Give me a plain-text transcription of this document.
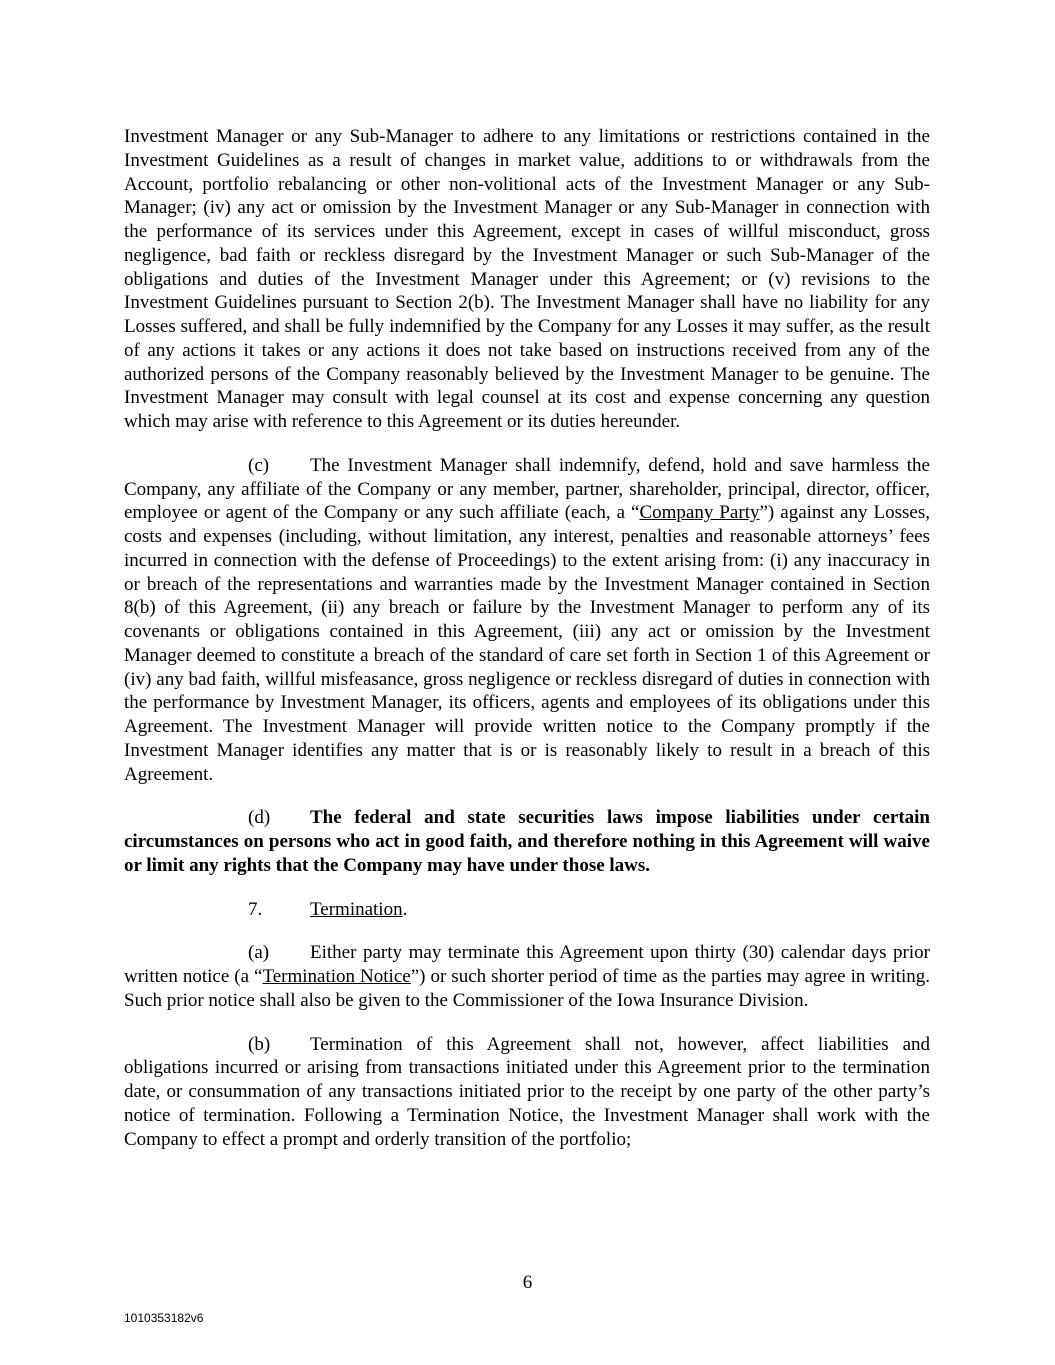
Investment Manager or any Sub-Manager to adhere to any limitations or restrictions contained in the Investment Guidelines as a result of changes in market value, additions to or withdrawals from the Account, portfolio rebalancing or other non-volitional acts of the Investment Manager or any Sub-Manager; (iv) any act or omission by the Investment Manager or any Sub-Manager in connection with the performance of its services under this Agreement, except in cases of willful misconduct, gross negligence, bad faith or reckless disregard by the Investment Manager or such Sub-Manager of the obligations and duties of the Investment Manager under this Agreement; or (v) revisions to the Investment Guidelines pursuant to Section 2(b). The Investment Manager shall have no liability for any Losses suffered, and shall be fully indemnified by the Company for any Losses it may suffer, as the result of any actions it takes or any actions it does not take based on instructions received from any of the authorized persons of the Company reasonably believed by the Investment Manager to be genuine. The Investment Manager may consult with legal counsel at its cost and expense concerning any question which may arise with reference to this Agreement or its duties hereunder.

(c) The Investment Manager shall indemnify, defend, hold and save harmless the Company, any affiliate of the Company or any member, partner, shareholder, principal, director, officer, employee or agent of the Company or any such affiliate (each, a “Company Party”) against any Losses, costs and expenses (including, without limitation, any interest, penalties and reasonable attorneys’ fees incurred in connection with the defense of Proceedings) to the extent arising from: (i) any inaccuracy in or breach of the representations and warranties made by the Investment Manager contained in Section 8(b) of this Agreement, (ii) any breach or failure by the Investment Manager to perform any of its covenants or obligations contained in this Agreement, (iii) any act or omission by the Investment Manager deemed to constitute a breach of the standard of care set forth in Section 1 of this Agreement or (iv) any bad faith, willful misfeasance, gross negligence or reckless disregard of duties in connection with the performance by Investment Manager, its officers, agents and employees of its obligations under this Agreement. The Investment Manager will provide written notice to the Company promptly if the Investment Manager identifies any matter that is or is reasonably likely to result in a breach of this Agreement.

(d) The federal and state securities laws impose liabilities under certain circumstances on persons who act in good faith, and therefore nothing in this Agreement will waive or limit any rights that the Company may have under those laws.

7.	Termination.

(a) Either party may terminate this Agreement upon thirty (30) calendar days prior written notice (a “Termination Notice”) or such shorter period of time as the parties may agree in writing. Such prior notice shall also be given to the Commissioner of the Iowa Insurance Division.

(b) Termination of this Agreement shall not, however, affect liabilities and obligations incurred or arising from transactions initiated under this Agreement prior to the termination date, or consummation of any transactions initiated prior to the receipt by one party of the other party’s notice of termination. Following a Termination Notice, the Investment Manager shall work with the Company to effect a prompt and orderly transition of the portfolio;

6
1010353182v6
